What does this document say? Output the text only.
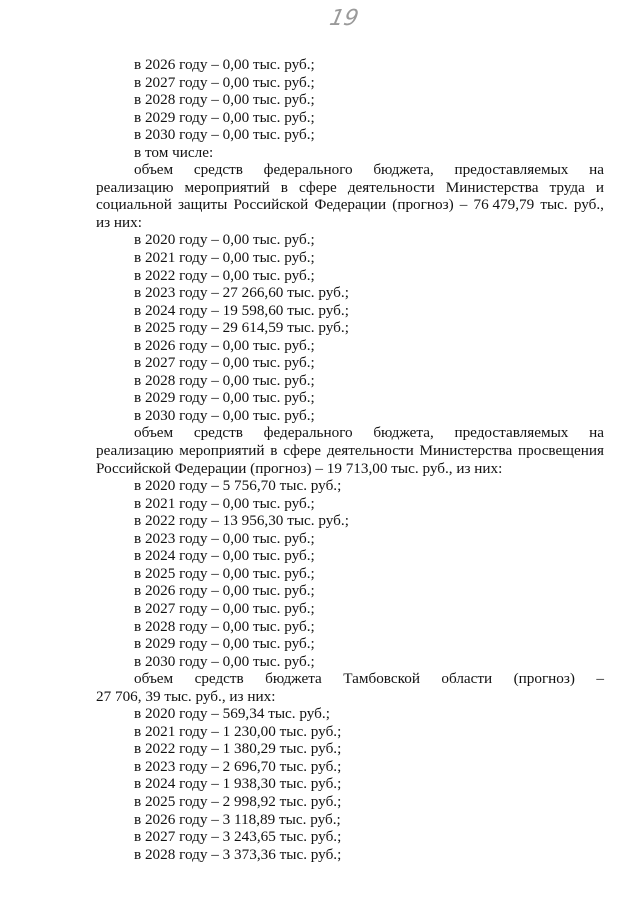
19
в 2026 году – 0,00 тыс. руб.;
в 2027 году – 0,00 тыс. руб.;
в 2028 году – 0,00 тыс. руб.;
в 2029 году – 0,00 тыс. руб.;
в 2030 году – 0,00 тыс. руб.;
в том числе:
объем средств федерального бюджета, предоставляемых на
реализацию мероприятий в сфере деятельности Министерства труда и
социальной защиты Российской Федерации (прогноз) – 76 479,79 тыс. руб.,
из них:
в 2020 году – 0,00 тыс. руб.;
в 2021 году – 0,00 тыс. руб.;
в 2022 году – 0,00 тыс. руб.;
в 2023 году – 27 266,60 тыс. руб.;
в 2024 году – 19 598,60 тыс. руб.;
в 2025 году – 29 614,59 тыс. руб.;
в 2026 году – 0,00 тыс. руб.;
в 2027 году – 0,00 тыс. руб.;
в 2028 году – 0,00 тыс. руб.;
в 2029 году – 0,00 тыс. руб.;
в 2030 году – 0,00 тыс. руб.;
объем средств федерального бюджета, предоставляемых на
реализацию мероприятий в сфере деятельности Министерства просвещения
Российской Федерации (прогноз) – 19 713,00 тыс. руб., из них:
в 2020 году – 5 756,70 тыс. руб.;
в 2021 году – 0,00 тыс. руб.;
в 2022 году – 13 956,30 тыс. руб.;
в 2023 году – 0,00 тыс. руб.;
в 2024 году – 0,00 тыс. руб.;
в 2025 году – 0,00 тыс. руб.;
в 2026 году – 0,00 тыс. руб.;
в 2027 году – 0,00 тыс. руб.;
в 2028 году – 0,00 тыс. руб.;
в 2029 году – 0,00 тыс. руб.;
в 2030 году – 0,00 тыс. руб.;
объем средств бюджета Тамбовской области (прогноз) –
27 706, 39 тыс. руб., из них:
в 2020 году – 569,34 тыс. руб.;
в 2021 году – 1 230,00 тыс. руб.;
в 2022 году – 1 380,29 тыс. руб.;
в 2023 году – 2 696,70 тыс. руб.;
в 2024 году – 1 938,30 тыс. руб.;
в 2025 году – 2 998,92 тыс. руб.;
в 2026 году – 3 118,89 тыс. руб.;
в 2027 году – 3 243,65 тыс. руб.;
в 2028 году – 3 373,36 тыс. руб.;
